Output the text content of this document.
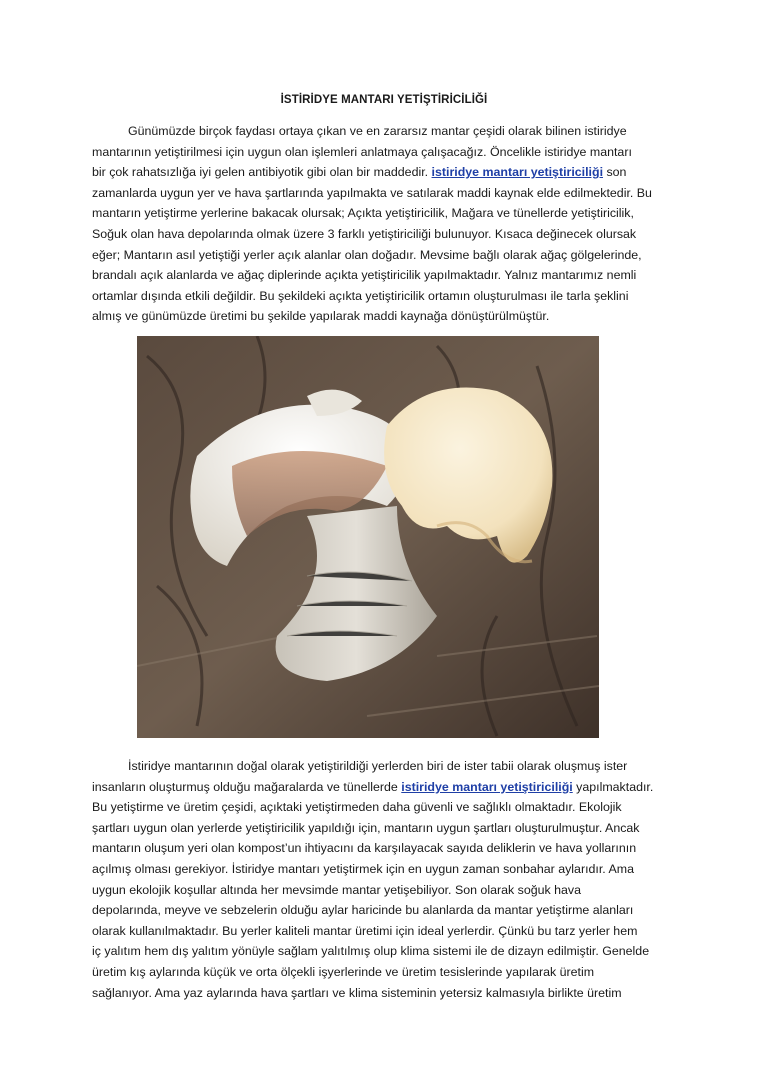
İSTİRİDYE MANTARI YETİŞTİRİCİLİĞİ
Günümüzde birçok faydası ortaya çıkan ve en zararsız mantar çeşidi olarak bilinen istiridye
mantarının yetiştirilmesi için uygun olan işlemleri anlatmaya çalışacağız. Öncelikle istiridye mantarı
bir çok rahatsızlığa iyi gelen antibiyotik gibi olan bir maddedir. istiridye mantarı yetiştiriciliği son
zamanlarda uygun yer ve hava şartlarında yapılmakta ve satılarak maddi kaynak elde edilmektedir. Bu
mantarın yetiştirme yerlerine bakacak olursak; Açıkta yetiştiricilik, Mağara ve tünellerde yetiştiricilik,
Soğuk olan hava depolarında olmak üzere 3 farklı yetiştiriciliği bulunuyor. Kısaca değinecek olursak
eğer; Mantarın asıl yetiştiği yerler açık alanlar olan doğadır. Mevsime bağlı olarak ağaç gölgelerinde,
brandalı açık alanlarda ve ağaç diplerinde açıkta yetiştiricilik yapılmaktadır. Yalnız mantarımız nemli
ortamlar dışında etkili değildir. Bu şekildeki açıkta yetiştiricilik ortamın oluşturulması ile tarla şeklini
almış ve günümüzde üretimi bu şekilde yapılarak maddi kaynağa dönüştürülmüştür.
İstiridye mantarının doğal olarak yetiştirildiği yerlerden biri de ister tabii olarak oluşmuş ister
insanların oluşturmuş olduğu mağaralarda ve tünellerde istiridye mantarı yetiştiriciliği yapılmaktadır.
Bu yetiştirme ve üretim çeşidi, açıktaki yetiştirmeden daha güvenli ve sağlıklı olmaktadır. Ekolojik
şartları uygun olan yerlerde yetiştiricilik yapıldığı için, mantarın uygun şartları oluşturulmuştur. Ancak
mantarın oluşum yeri olan kompost’un ihtiyacını da karşılayacak sayıda deliklerin ve hava yollarının
açılmış olması gerekiyor. İstiridye mantarı yetiştirmek için en uygun zaman sonbahar aylarıdır. Ama
uygun ekolojik koşullar altında her mevsimde mantar yetişebiliyor. Son olarak soğuk hava
depolarında, meyve ve sebzelerin olduğu aylar haricinde bu alanlarda da mantar yetiştirme alanları
olarak kullanılmaktadır. Bu yerler kaliteli mantar üretimi için ideal yerlerdir. Çünkü bu tarz yerler hem
iç yalıtım hem dış yalıtım yönüyle sağlam yalıtılmış olup klima sistemi ile de dizayn edilmiştir. Genelde
üretim kış aylarında küçük ve orta ölçekli işyerlerinde ve üretim tesislerinde yapılarak üretim
sağlanıyor. Ama yaz aylarında hava şartları ve klima sisteminin yetersiz kalmasıyla birlikte üretim
